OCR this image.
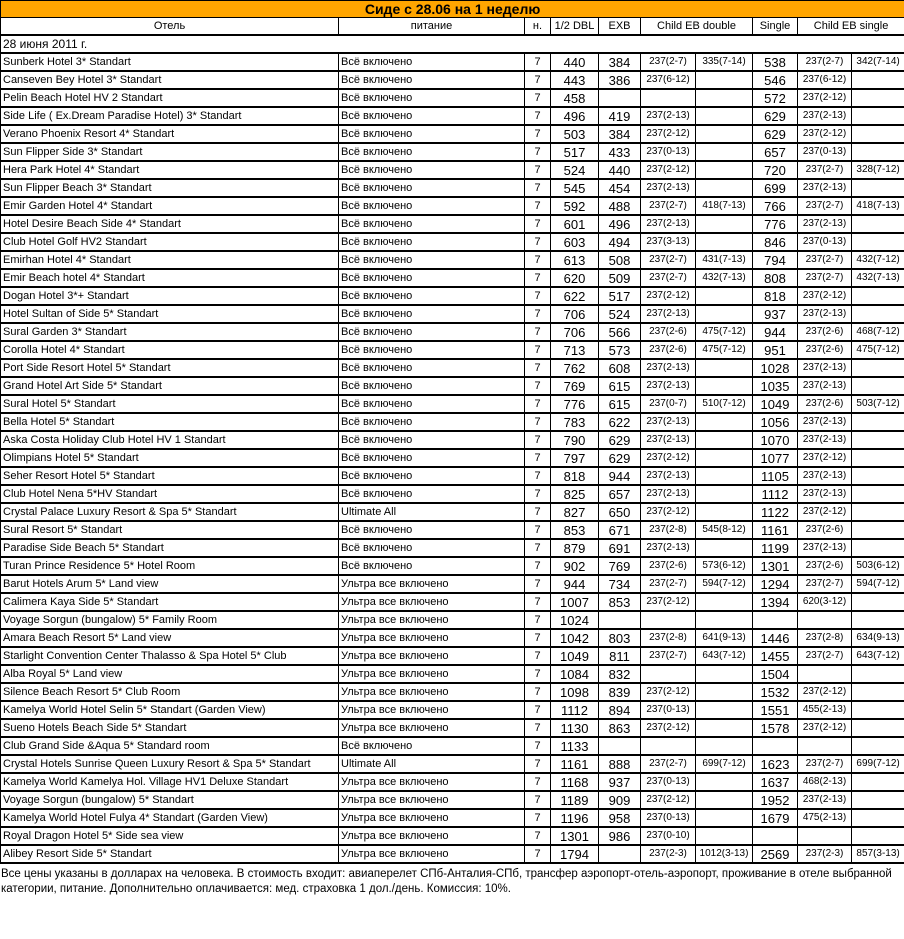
Сиде с 28.06 на 1 неделю									
Отель	питание	н.	1/2 DBL	EXB	Child EB double		Single	Child EB single	
28 июня 2011 г.									
Sunberk Hotel 3* Standart	Всё включено	7	440	384	237(2-7)	335(7-14)	538	237(2-7)	342(7-14)

Canseven Bey Hotel 3* Standart	Всё включено	7	443	386	237(6-12)		546	237(6-12)	

Pelin Beach Hotel HV 2 Standart	Всё включено	7	458				572	237(2-12)	

Side Life ( Ex.Dream Paradise Hotel) 3* Standart	Всё включено	7	496	419	237(2-13)		629	237(2-13)	

Verano Phoenix Resort 4* Standart	Всё включено	7	503	384	237(2-12)		629	237(2-12)	

Sun Flipper Side 3* Standart	Всё включено	7	517	433	237(0-13)		657	237(0-13)	

Hera Park Hotel 4* Standart	Всё включено	7	524	440	237(2-12)		720	237(2-7)	328(7-12)

Sun Flipper Beach 3* Standart	Всё включено	7	545	454	237(2-13)		699	237(2-13)	

Emir Garden Hotel 4* Standart	Всё включено	7	592	488	237(2-7)	418(7-13)	766	237(2-7)	418(7-13)

Hotel Desire Beach Side 4* Standart	Всё включено	7	601	496	237(2-13)		776	237(2-13)	

Club Hotel Golf HV2 Standart	Всё включено	7	603	494	237(3-13)		846	237(0-13)	

Emirhan Hotel 4* Standart	Всё включено	7	613	508	237(2-7)	431(7-13)	794	237(2-7)	432(7-12)

Emir Beach hotel 4* Standart	Всё включено	7	620	509	237(2-7)	432(7-13)	808	237(2-7)	432(7-13)

Dogan Hotel 3*+ Standart	Всё включено	7	622	517	237(2-12)		818	237(2-12)	

Hotel Sultan of Side 5* Standart	Всё включено	7	706	524	237(2-13)		937	237(2-13)	

Sural Garden 3* Standart	Всё включено	7	706	566	237(2-6)	475(7-12)	944	237(2-6)	468(7-12)

Corolla Hotel 4* Standart	Всё включено	7	713	573	237(2-6)	475(7-12)	951	237(2-6)	475(7-12)

Port Side Resort Hotel 5* Standart	Всё включено	7	762	608	237(2-13)		1028	237(2-13)	

Grand Hotel Art Side 5* Standart	Всё включено	7	769	615	237(2-13)		1035	237(2-13)	

Sural Hotel 5* Standart	Всё включено	7	776	615	237(0-7)	510(7-12)	1049	237(2-6)	503(7-12)

Bella Hotel 5* Standart	Всё включено	7	783	622	237(2-13)		1056	237(2-13)	

Aska Costa Holiday Club Hotel HV 1 Standart	Всё включено	7	790	629	237(2-13)		1070	237(2-13)	

Olimpians Hotel 5* Standart	Всё включено	7	797	629	237(2-12)		1077	237(2-12)	

Seher Resort Hotel 5* Standart	Всё включено	7	818	944	237(2-13)		1105	237(2-13)	

Club Hotel Nena 5*HV Standart	Всё включено	7	825	657	237(2-13)		1112	237(2-13)	

Crystal Palace Luxury Resort & Spa 5* Standart	Ultimate All	7	827	650	237(2-12)		1122	237(2-12)	

Sural Resort 5* Standart	Всё включено	7	853	671	237(2-8)	545(8-12)	1161	237(2-6)	

Paradise Side Beach 5* Standart	Всё включено	7	879	691	237(2-13)		1199	237(2-13)	

Turan Prince Residence 5* Hotel Room	Всё включено	7	902	769	237(2-6)	573(6-12)	1301	237(2-6)	503(6-12)

Barut Hotels Arum 5* Land view	Ультра все включено	7	944	734	237(2-7)	594(7-12)	1294	237(2-7)	594(7-12)

Calimera Kaya Side 5* Standart	Ультра все включено	7	1007	853	237(2-12)		1394	620(3-12)	

Voyage Sorgun (bungalow) 5* Family Room	Ультра все включено	7	1024		

Amara Beach Resort 5* Land view	Ультра все включено	7	1042	803	237(2-8)	641(9-13)	1446	237(2-8)	634(9-13)

Starlight Convention Center Thalasso & Spa Hotel 5* Club	Ультра все включено	7	1049	811	237(2-7)	643(7-12)	1455	237(2-7)	643(7-12)

Alba Royal 5* Land view	Ультра все включено	7	1084	832			1504	

Silence Beach Resort 5* Club Room	Ультра все включено	7	1098	839	237(2-12)		1532	237(2-12)	

Kamelya World Hotel Selin 5* Standart (Garden View)	Ультра все включено	7	1112	894	237(0-13)		1551	455(2-13)	

Sueno Hotels Beach Side 5* Standart	Ультра все включено	7	1130	863	237(2-12)		1578	237(2-12)	

Club Grand Side &Aqua 5* Standard room	Всё включено	7	1133		

Crystal Hotels Sunrise Queen Luxury Resort & Spa 5* Standart	Ultimate All	7	1161	888	237(2-7)	699(7-12)	1623	237(2-7)	699(7-12)

Kamelya World Kamelya Hol. Village HV1 Deluxe Standart	Ультра все включено	7	1168	937	237(0-13)		1637	468(2-13)	

Voyage Sorgun (bungalow) 5* Standart	Ультра все включено	7	1189	909	237(2-12)		1952	237(2-13)	

Kamelya World Hotel Fulya 4* Standart (Garden View)	Ультра все включено	7	1196	958	237(0-13)		1679	475(2-13)	

Royal Dragon Hotel 5* Side sea view	Ультра все включено	7	1301	986	237(0-10)				

Alibey Resort Side 5* Standart	Ультра все включено	7	1794		237(2-3)	1012(3-13)	2569	237(2-3)	857(3-13)

Все цены указаны в долларах на человека. В стоимость входит: авиаперелет СПб-Анталия-СПб, трансфер аэропорт-отель-аэропорт, проживание в отеле выбранной категории, питание. Дополнительно оплачивается: мед. страховка 1 дол./день. Комиссия: 10%.
